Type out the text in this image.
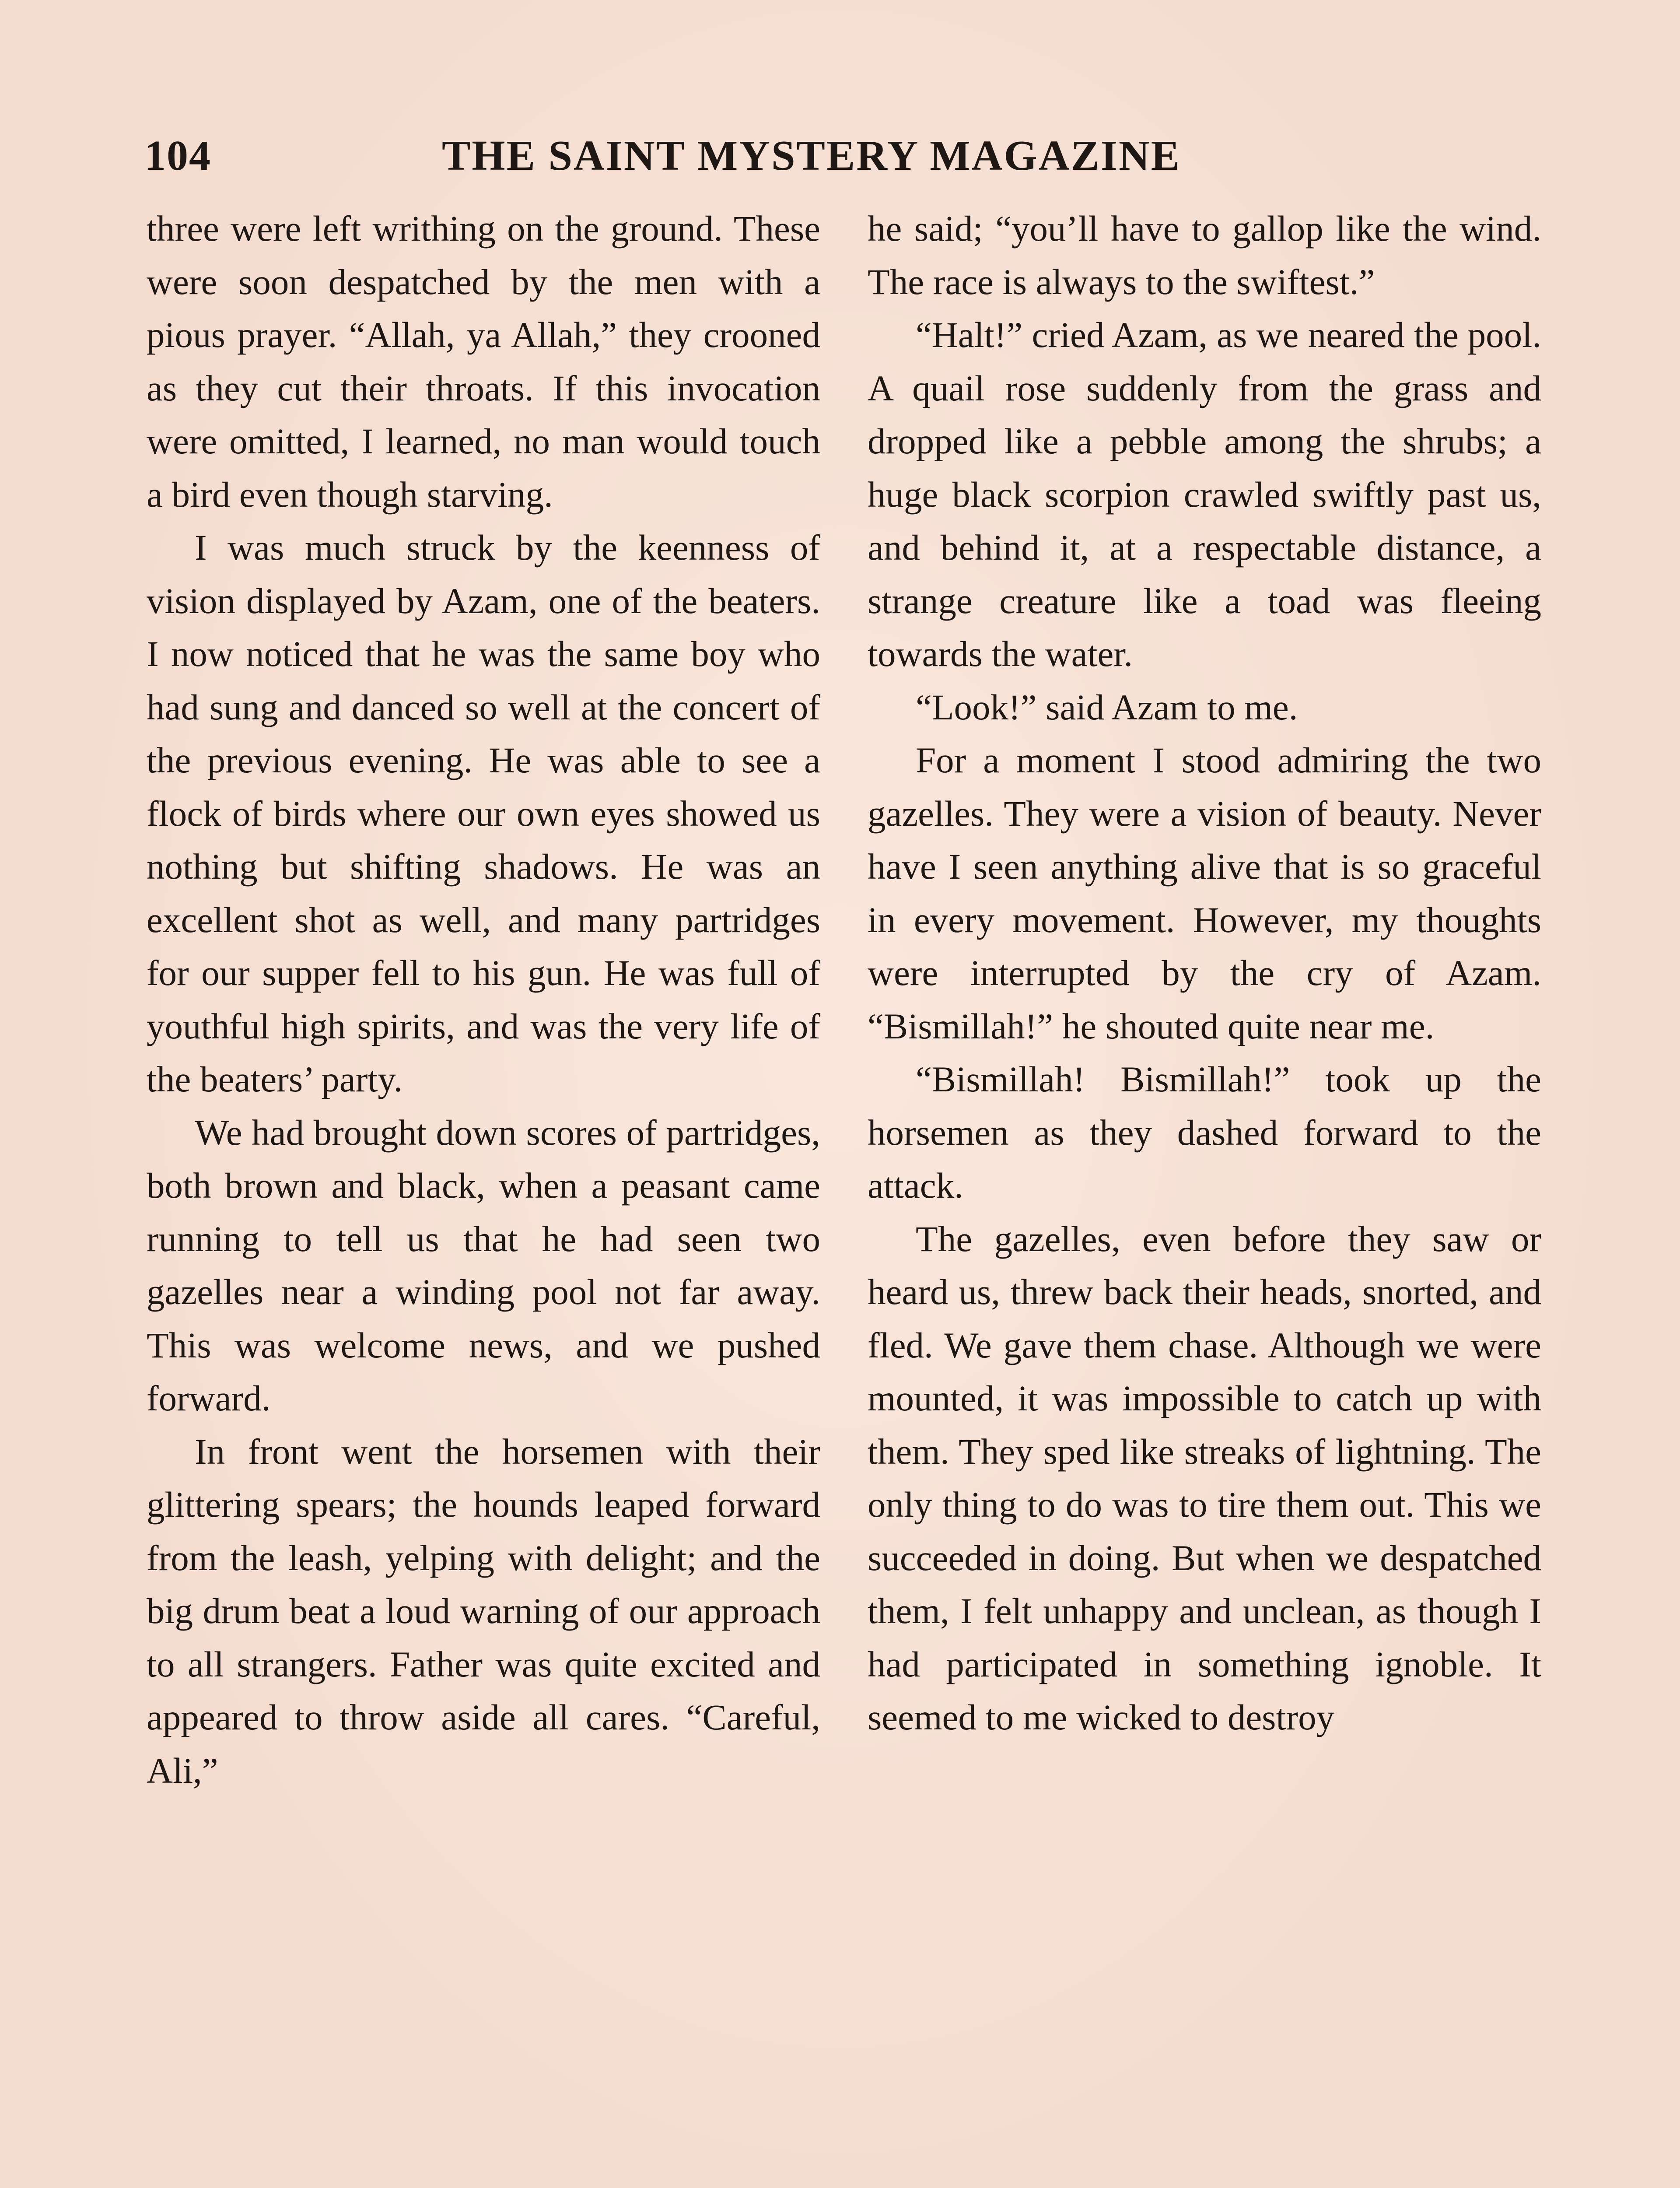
104	THE SAINT MYSTERY MAGAZINE

three were left writhing on the ground. These were soon despatched by the men with a pious prayer. “Allah, ya Allah,” they crooned as they cut their throats. If this invocation were omitted, I learned, no man would touch a bird even though starving.

I was much struck by the keenness of vision displayed by Azam, one of the beaters. I now noticed that he was the same boy who had sung and danced so well at the concert of the previous evening. He was able to see a flock of birds where our own eyes showed us nothing but shifting shadows. He was an excellent shot as well, and many partridges for our supper fell to his gun. He was full of youthful high spirits, and was the very life of the beaters’ party.

We had brought down scores of partridges, both brown and black, when a peasant came running to tell us that he had seen two gazelles near a winding pool not far away. This was welcome news, and we pushed forward.

In front went the horsemen with their glittering spears; the hounds leaped forward from the leash, yelping with delight; and the big drum beat a loud warning of our approach to all strangers. Father was quite excited and appeared to throw aside all cares. “Careful, Ali,”

he said; “you’ll have to gallop like the wind. The race is always to the swiftest.”

“Halt!” cried Azam, as we neared the pool. A quail rose suddenly from the grass and dropped like a pebble among the shrubs; a huge black scorpion crawled swiftly past us, and behind it, at a respectable distance, a strange creature like a toad was fleeing towards the water.

“Look!” said Azam to me.

For a moment I stood admiring the two gazelles. They were a vision of beauty. Never have I seen anything alive that is so graceful in every movement. However, my thoughts were interrupted by the cry of Azam. “Bismillah!” he shouted quite near me.

“Bismillah! Bismillah!” took up the horsemen as they dashed forward to the attack.

The gazelles, even before they saw or heard us, threw back their heads, snorted, and fled. We gave them chase. Although we were mounted, it was impossible to catch up with them. They sped like streaks of lightning. The only thing to do was to tire them out. This we succeeded in doing. But when we despatched them, I felt unhappy and unclean, as though I had participated in something ignoble. It seemed to me wicked to destroy
